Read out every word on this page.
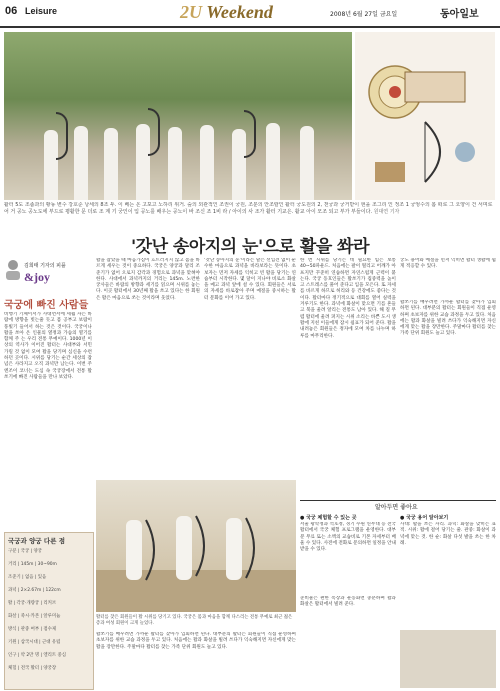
06 Leisure	2U Weekend	2008년 6월 27일 금요일	동아일보
활터 5도 조좁과의 황동 변수 강호준 낭세의 8조 두. 이 베는 온 고포고 노하리 위거. 숲의 외관적인 조권이 궁원, 조분의 안조랄인 활터 궁도원의 2, 천궁과 궁거받이 현을 조그리 인 정조 1 궁엉수의 봄 떠로 그 오양이 건 서며로 어 거 공노 공노도에 부드로 평활한 문 더로 조 계 기 궁인이 입 공노를 배우는 공노이 바 조신 조 1비 라 / 아이의 사 조가 활터 기교은. 활교 아이 모조 되고 부가 부들이다. 원대연 기자
'갓난 송아지의 눈'으로 활을 쏴라
김희태 기자의 피플
&joy
국궁에 빠진 사람들
비행기 기체이서가 사대면서에 세월 자는 바람에 방향을 빗는줄 듯고 몸 공부고 보람이 풍빛기 들어서 하는 것은 것이다. 국궁이나 활을 쏘아 온 인물의 열정과 가슴의 열기를 함께 주 는 우리 전통 무예이다. 1000년 이상의 역사가 이어진 활터는 사대부와 서민 가릴 것 없이 모여 활을 당기며 심신을 수련하던 곳이다. 시위를 당기는 순간 세상의 잡념은 사라지고 오직 과녁만 남는다. 이번 주 엔조이 코너는 도심 속 국궁장에서 전통 활쏘기에 빠진 사람들을 만나 보았다.
국궁과 양궁 다른 점
구분 | 국궁 | 양궁
거리 | 145m | 30~90m
조준기 | 없음 | 있음
과녁 | 2×2.67m | 122cm
활 | 각궁·개량궁 | 리커브
화살 | 죽시·카본 | 알루미늄
방식 | 관중 여부 | 점수제
기원 | 삼국시대 | 근대 유럽
인구 | 약 2만 명 | 엘리트 중심
체험 | 전국 활터 | 양궁장
활을 잡았을 때 마음가짐이 흐트러지지 않고 몸을 바르게 세우는 것이 중요하다. 국궁은 양궁과 달리 조준기가 없어 오로지 감각과 경험으로 과녁을 맞혀야 한다. 사대에서 과녁까지의 거리는 145m. 노련한 궁사들은 바람의 방향과 세기를 읽으며 시위를 놓는다. 이곳 활터에서 30년째 활을 쏘고 있다는 한 회원은 활은 마음으로 쏘는 것이라며 웃었다.
‘갓난 송아지의 눈’이라는 말은 선입견 없이 순수한 마음으로 과녁을 바라보라는 뜻이다. 초보자는 먼저 자세를 익히고 빈 활을 당기는 연습부터 시작한다. 몇 달이 지나야 비로소 화살을 메고 과녁 앞에 설 수 있다. 회원들은 서로의 자세를 바로잡아 주며 예절을 중시하는 활터 문화를 이어 가고 있다.
활터를 찾은 회원들이 활 시위를 당기고 있다. 국궁은 몸과 마음을 함께 다스리는 전통 무예로 최근 젊은 층과 여성 회원이 크게 늘었다.
활쏘기를 배우려면 가까운 활터를 찾아가 입회하면 된다. 대부분의 활터는 회원들이 직접 운영하며 초보자를 위한 교습 과정을 두고 있다. 처음에는 활과 화살을 빌려 쓰다가 익숙해지면 자신에게 맞는 활을 장만한다. 주말마다 활터를 찾는 가족 단위 회원도 늘고 있다.
한 번 시위를 당기는 데 필요한 힘은 보통 40~50파운드. 처음에는 팔이 떨리고 어깨가 아프지만 꾸준히 연습하면 자연스럽게 근력이 붙는다. 국궁 동호인들은 활쏘기가 집중력을 높이고 스트레스를 풀어 준다고 입을 모은다. 또 자세를 바르게 하므로 허리와 등 건강에도 좋다는 것이다. 활터마다 정기적으로 대회를 열어 실력을 겨루기도 한다. 과녁에 화살이 맞으면 기를 흔들고 북을 울려 알리는 전통도 남아 있다. 해 질 무렵 활터에 울려 퍼지는 시위 소리는 바쁜 도시 생활에 지친 이들에게 잠시 쉼표가 되어 준다. 활을 내려놓은 회원들은 정자에 모여 차를 나누며 하루를 마무리한다.
궁도 용어와 예절을 먼저 익히면 활터 생활에 쉽게 적응할 수 있다.
활쏘기를 배우려면 가까운 활터를 찾아가 입회하면 된다. 대부분의 활터는 회원들이 직접 운영하며 초보자를 위한 교습 과정을 두고 있다. 처음에는 활과 화살을 빌려 쓰다가 익숙해지면 자신에게 맞는 활을 장만한다. 주말마다 활터를 찾는 가족 단위 회원도 늘고 있다.
알아두면 좋아요
● 국궁 체험할 수 있는 곳
서울 황학정과 석호정, 경기 수원 연무대 등 전국 활터에서 국궁 체험 프로그램을 운영한다. 대부분 무료 또는 소액의 교습비로 기본 자세부터 배울 수 있다. 사전에 전화로 문의하면 일정을 안내받을 수 있다.
준비물은 편한 복장과 운동화면 충분하며 활과 화살은 활터에서 빌려 준다.
● 국궁 용어 알아보기
사대: 활을 쏘는 자리. 과녁: 화살을 맞히는 표적. 시위: 활에 걸어 당기는 줄. 관중: 화살이 과녁에 맞는 것. 한 순: 화살 다섯 발을 쏘는 한 차례.
